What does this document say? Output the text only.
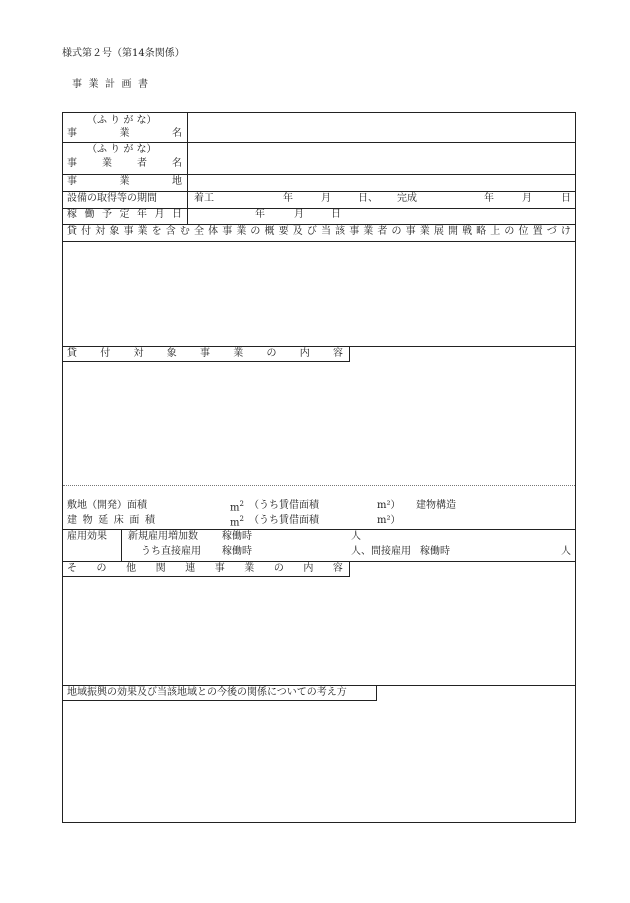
様式第２号（第14条関係）
事 業 計 画 書
（ふ り が な）
事	業	名
（ふ り が な）
事	業	者	名
事	業	地
設備の取得等の期間	着工	年	月	日、 完成	年	月	日
稼 働 予 定 年 月 日	年	月	日
貸 付 対 象 事 業 を 含 む 全 体 事 業 の 概 要 及 び 当 該 事 業 者 の 事 業 展 開 戦 略 上 の 位 置 づ け
貸 付 対 象 事 業 の 内 容
敷地（開発）面積	$m^2$ （うち賃借面積	m²） 建物構造
建 物 延 床 面 積	$m^2$ （うち賃借面積	m²）
雇用効果 新規雇用増加数 稼働時	人
うち直接雇用 稼働時	人、間接雇用 稼働時	人
そ の 他 関 連 事 業 の 内 容
地域振興の効果及び当該地域との今後の関係についての考え方
